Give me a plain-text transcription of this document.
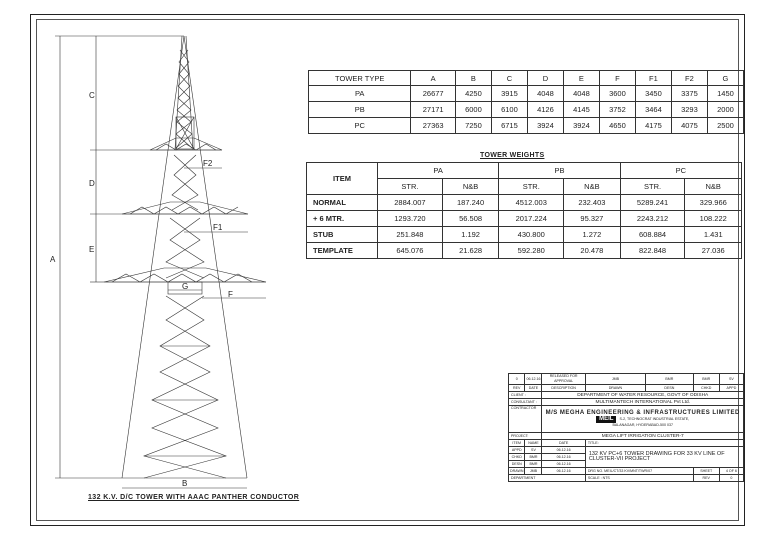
A
C
D
E
F2
F1
F
G
B
132 K.V. D/C TOWER WITH AAAC PANTHER CONDUCTOR
TOWER TYPE	A	B	C	D	E	F	F1	F2	G
PA	26677	4250	3915	4048	4048	3600	3450	3375	1450
PB	27171	6000	6100	4126	4145	3752	3464	3293	2000
PC	27363	7250	6715	3924	3924	4650	4175	4075	2500
TOWER WEIGHTS
ITEM	PA		PB		PC	
	STR.	N&B	STR.	N&B	STR.	N&B
NORMAL	2884.007	187.240	4512.003	232.403	5289.241	329.966
+ 6 MTR.	1293.720	56.508	2017.224	95.327	2243.212	108.222
STUB	251.848	1.192	430.800	1.272	608.884	1.431
TEMPLATE	645.076	21.628	592.280	20.478	822.848	27.036
0	06.12.16	RELEASED FOR APPROVAL	JMB	BMR	BMR	SV
REV	DATE	DESCRIPTION	DRAWN	DESN	CHKD	APPD
CLIENT :		DEPARTMENT OF WATER RESOURCE, GOVT OF ODISHA				
CONSULTANT :		MULTIMANTECH INTERNATIONAL Pvt Ltd.				
CONTRACTOR		M/S MEGHA ENGINEERING & INFRASTRUCTURES LIMITED
MEIL S-2, TECHNOCRAT INDUSTRIAL ESTATE,
BALANAGAR, HYDERABAD-500 037				

PROJECT:		MEGA LIFT IRRIGATION CLUSTER-7				
ITEM	NAME	DATE	TITLE:			
APPD	SV	06.12.16	132 KV PC+6 TOWER DRAWING FOR 33 KV LINE OF CLUSTER-VII PROJECT			
CHKD	BMR	06.12.16				
DESN	BMR	06.12.16				
DRAWN	JMB	06.12.16	DRG NO. MEIL/CT/33 KV/MNT/TWR/07		SHEET	4 OF 6
DEPARTMENT			SCALE : NTS		REV	0
